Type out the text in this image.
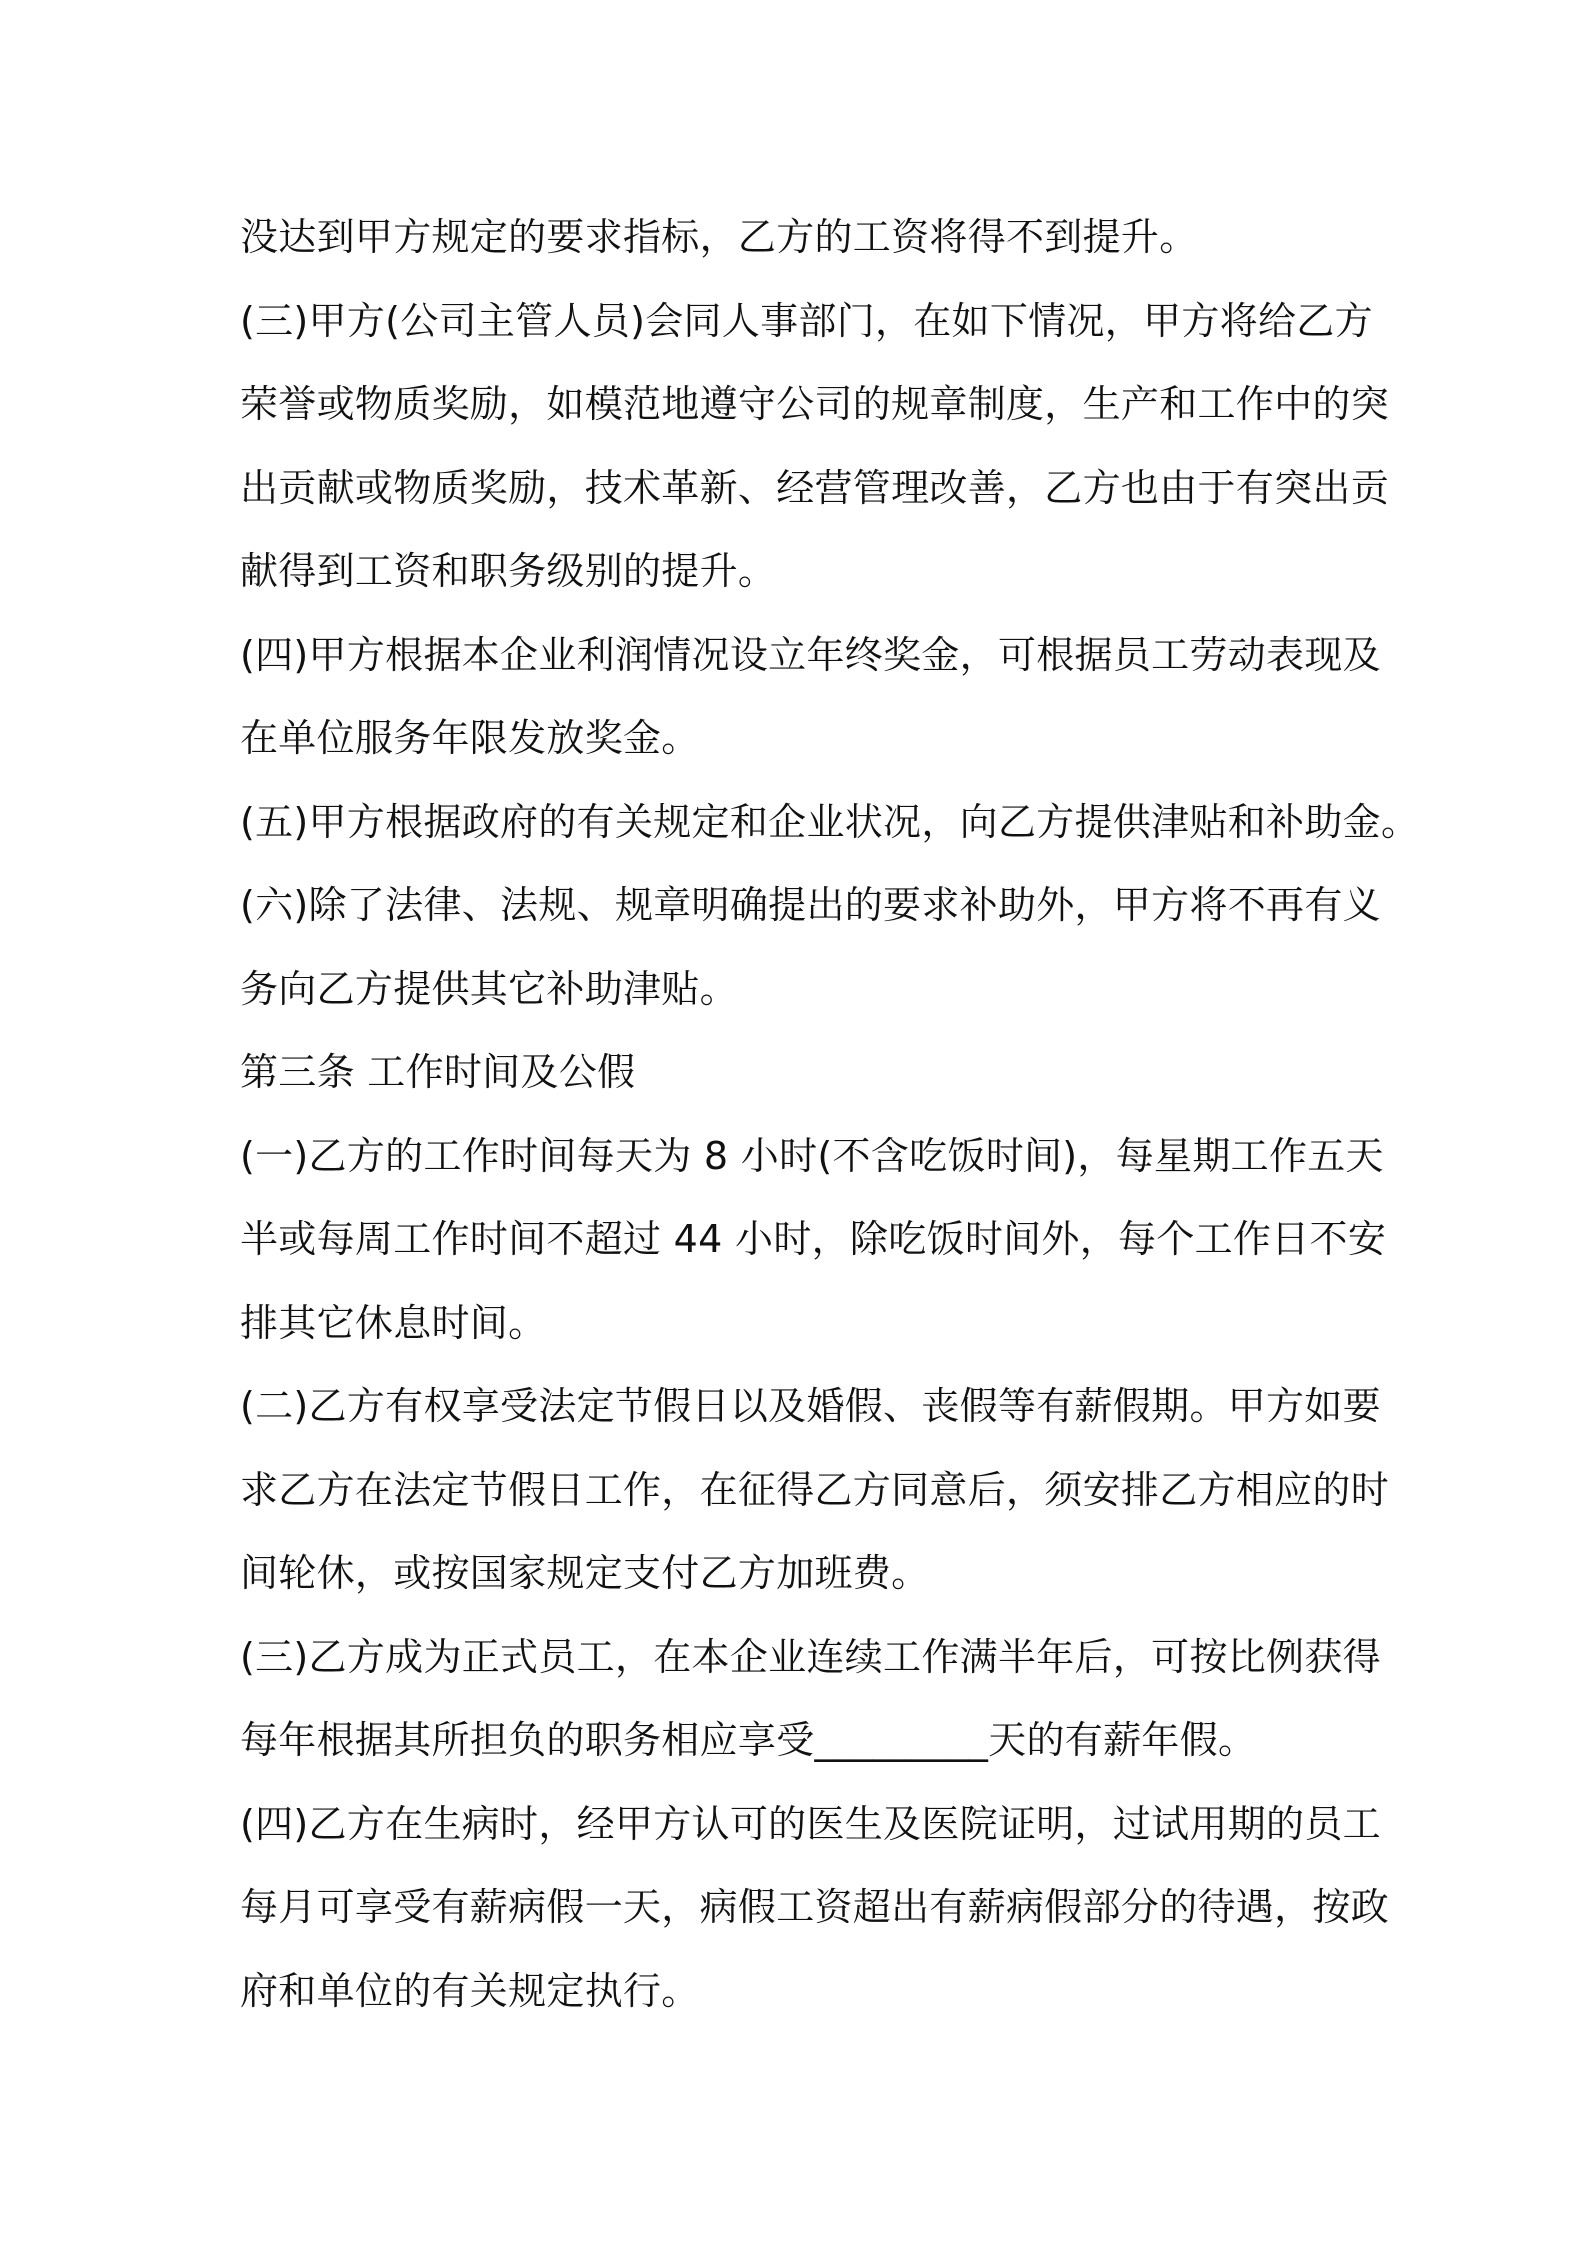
没达到甲方规定的要求指标，乙方的工资将得不到提升。
(三)甲方(公司主管人员)会同人事部门，在如下情况，甲方将给乙方
荣誉或物质奖励，如模范地遵守公司的规章制度，生产和工作中的突
出贡献或物质奖励，技术革新、经营管理改善，乙方也由于有突出贡
献得到工资和职务级别的提升。
(四)甲方根据本企业利润情况设立年终奖金，可根据员工劳动表现及
在单位服务年限发放奖金。
(五)甲方根据政府的有关规定和企业状况，向乙方提供津贴和补助金。
(六)除了法律、法规、规章明确提出的要求补助外，甲方将不再有义
务向乙方提供其它补助津贴。
第三条 工作时间及公假
(一)乙方的工作时间每天为 8 小时(不含吃饭时间)，每星期工作五天
半或每周工作时间不超过 44 小时，除吃饭时间外，每个工作日不安
排其它休息时间。
(二)乙方有权享受法定节假日以及婚假、丧假等有薪假期。甲方如要
求乙方在法定节假日工作，在征得乙方同意后，须安排乙方相应的时
间轮休，或按国家规定支付乙方加班费。
(三)乙方成为正式员工，在本企业连续工作满半年后，可按比例获得
每年根据其所担负的职务相应享受_________天的有薪年假。
(四)乙方在生病时，经甲方认可的医生及医院证明，过试用期的员工
每月可享受有薪病假一天，病假工资超出有薪病假部分的待遇，按政
府和单位的有关规定执行。
